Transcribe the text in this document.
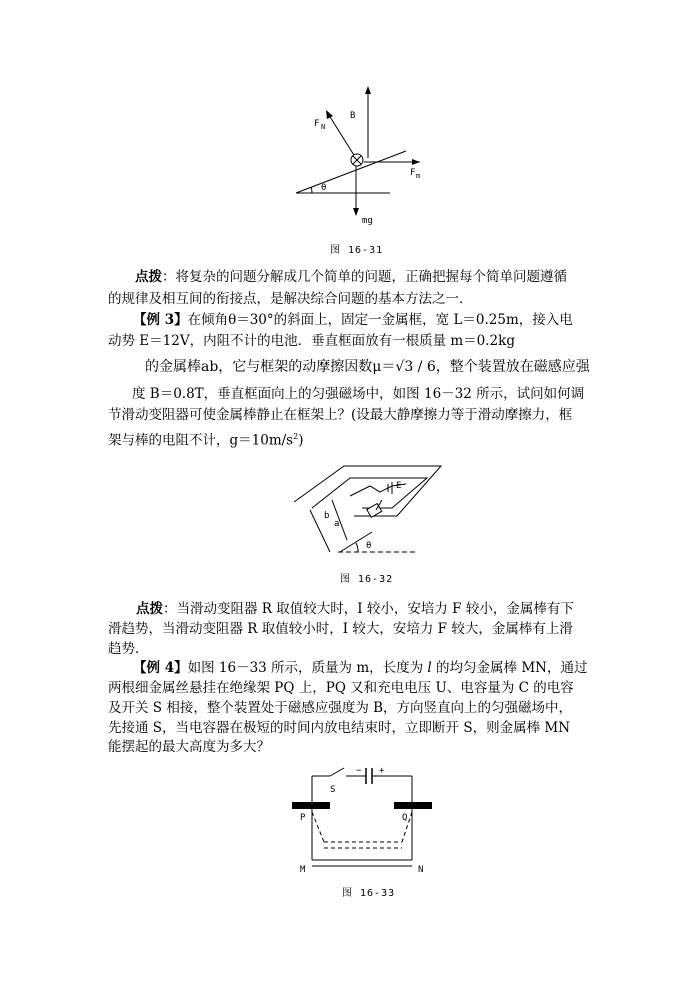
F N
B
F m
θ
mg
图 16-31
点拨：将复杂的问题分解成几个简单的问题，正确把握每个简单问题遵循
的规律及相互间的衔接点，是解决综合问题的基本方法之一．
【例 3】在倾角θ＝30°的斜面上，固定一金属框，宽 L＝0.25m，接入电
动势 E＝12V，内阻不计的电池．垂直框面放有一根质量 m＝0.2kg
的金属棒ab，它与框架的动摩擦因数μ＝√3 / 6，整个装置放在磁感应强
度 B＝0.8T，垂直框面向上的匀强磁场中，如图 16－32 所示，试问如何调
节滑动变阻器可使金属棒静止在框架上？(设最大静摩擦力等于滑动摩擦力，框
架与棒的电阻不计，$g=10m/s^2$)
E
b
a
θ
图 16-32
点拨：当滑动变阻器 R 取值较大时，I 较小，安培力 F 较小，金属棒有下
滑趋势，当滑动变阻器 R 取值较小时，I 较大，安培力 F 较大，金属棒有上滑
趋势．
【例 4】如图 16－33 所示，质量为 m，长度为 l 的均匀金属棒 MN，通过
两根细金属丝悬挂在绝缘架 PQ 上，PQ 又和充电电压 U、电容量为 C 的电容
及开关 S 相接，整个装置处于磁感应强度为 B，方向竖直向上的匀强磁场中，
先接通 S，当电容器在极短的时间内放电结束时，立即断开 S，则金属棒 MN
能摆起的最大高度为多大？
− +
S
P	Q
M	N
图 16-33
